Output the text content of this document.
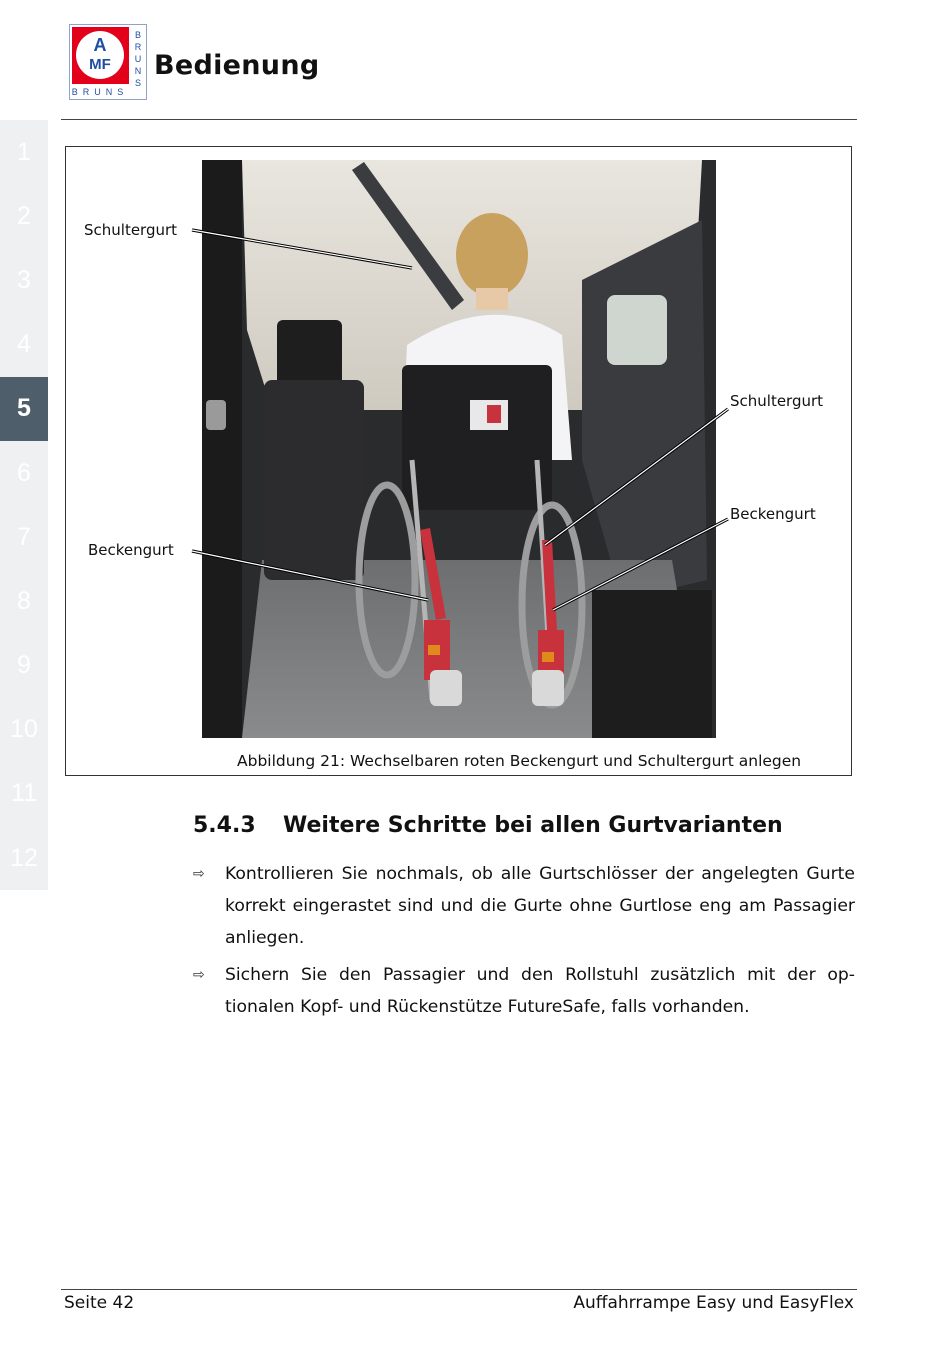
A
MF
B
R
U
N
S
BRUNS
Bedienung
1
2
3
4
5
6
7
8
9
10
11
12
Schultergurt
Beckengurt
Schultergurt
Beckengurt
Abbildung 21: Wechselbaren roten Beckengurt und Schultergurt anlegen
5.4.3 Weitere Schritte bei allen Gurtvarianten
⇨ Kontrollieren Sie nochmals, ob alle Gurtschlösser der angelegten Gurte korrekt eingerastet sind und die Gurte ohne Gurtlose eng am Passagier anliegen.
⇨ Sichern Sie den Passagier und den Rollstuhl zusätzlich mit der optionalen Kopf- und Rückenstütze FutureSafe, falls vorhanden.
Seite 42	Auffahrrampe Easy und EasyFlex
